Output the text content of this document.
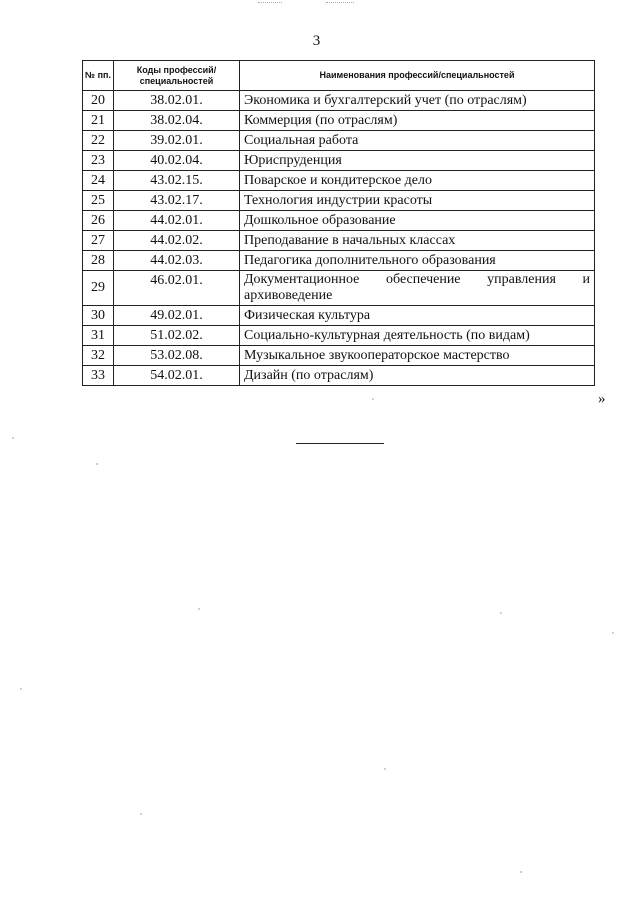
3
№ пп.	Коды профессий/ специальностей	Наименования профессий/специальностей
20	38.02.01.	Экономика и бухгалтерский учет (по отраслям)
21	38.02.04.	Коммерция (по отраслям)
22	39.02.01.	Социальная работа
23	40.02.04.	Юриспруденция
24	43.02.15.	Поварское и кондитерское дело
25	43.02.17.	Технология индустрии красоты
26	44.02.01.	Дошкольное образование
27	44.02.02.	Преподавание в начальных классах
28	44.02.03.	Педагогика дополнительного образования
29	46.02.01.	Документационное обеспечение управления и архивоведение
30	49.02.01.	Физическая культура
31	51.02.02.	Социально-культурная деятельность (по видам)
32	53.02.08.	Музыкальное звукооператорское мастерство
33	54.02.01.	Дизайн (по отраслям)
»
